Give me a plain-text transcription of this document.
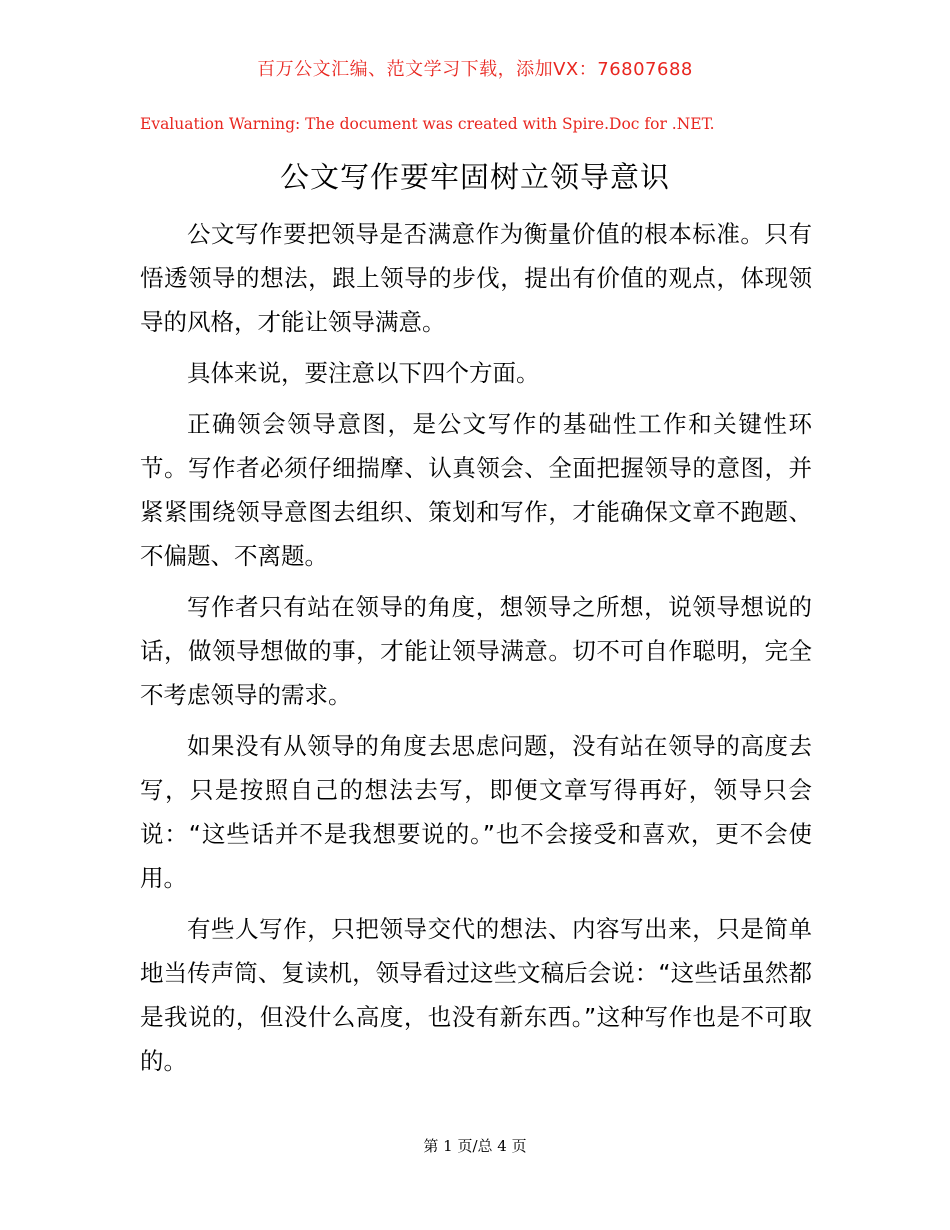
百万公文汇编、范文学习下载，添加VX：76807688
Evaluation Warning: The document was created with Spire.Doc for .NET.
公文写作要牢固树立领导意识

公文写作要把领导是否满意作为衡量价值的根本标准。只有悟透领导的想法，跟上领导的步伐，提出有价值的观点，体现领导的风格，才能让领导满意。

具体来说，要注意以下四个方面。

正确领会领导意图，是公文写作的基础性工作和关键性环节。写作者必须仔细揣摩、认真领会、全面把握领导的意图，并紧紧围绕领导意图去组织、策划和写作，才能确保文章不跑题、不偏题、不离题。

写作者只有站在领导的角度，想领导之所想，说领导想说的话，做领导想做的事，才能让领导满意。切不可自作聪明，完全不考虑领导的需求。

如果没有从领导的角度去思虑问题，没有站在领导的高度去写，只是按照自己的想法去写，即便文章写得再好，领导只会说：“这些话并不是我想要说的。”也不会接受和喜欢，更不会使用。

有些人写作，只把领导交代的想法、内容写出来，只是简单地当传声筒、复读机，领导看过这些文稿后会说：“这些话虽然都是我说的，但没什么高度，也没有新东西。”这种写作也是不可取的。

第 1 页/总 4 页
